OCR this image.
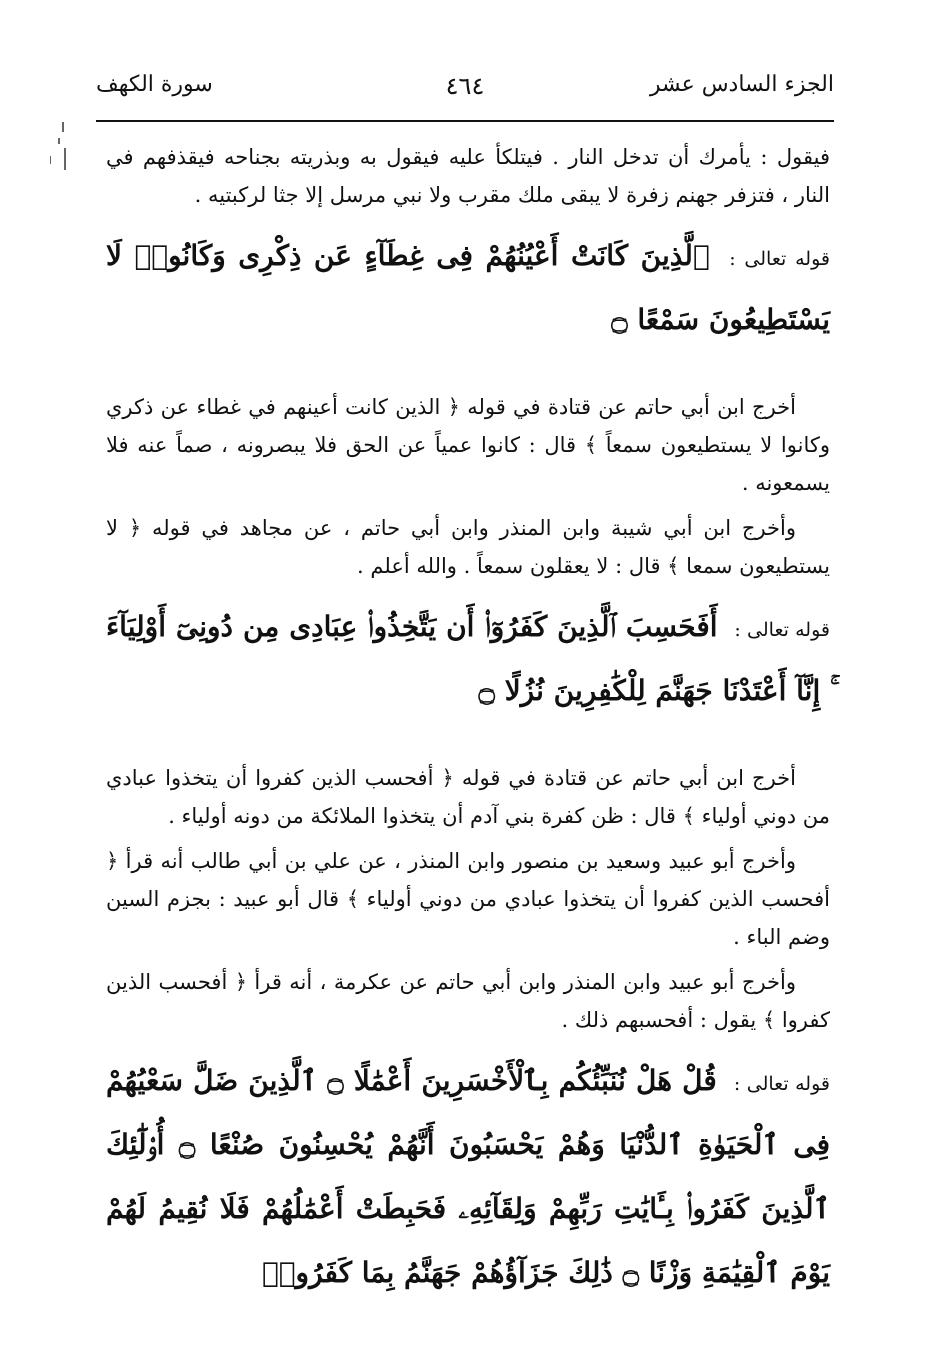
الجزء السادس عشر
٤٦٤
سورة الكهف

فيقول : يأمرك أن تدخل النار . فيتلكأ عليه فيقول به وبذريته بجناحه فيقذفهم في النار ، فتزفر جهنم زفرة لا يبقى ملك مقرب ولا نبي مرسل إلا جثا لركبتيه .

قوله تعالى : ٱلَّذِينَ كَانَتْ أَعْيُنُهُمْ فِى غِطَآءٍ عَن ذِكْرِى وَكَانُوا۟ لَا يَسْتَطِيعُونَ سَمْعًا ۝

أخرج ابن أبي حاتم عن قتادة في قوله ﴿ الذين كانت أعينهم في غطاء عن ذكري وكانوا لا يستطيعون سمعاً ﴾ قال : كانوا عمياً عن الحق فلا يبصرونه ، صماً عنه فلا يسمعونه .

وأخرج ابن أبي شيبة وابن المنذر وابن أبي حاتم ، عن مجاهد في قوله ﴿ لا يستطيعون سمعا ﴾ قال : لا يعقلون سمعاً . والله أعلم .

قوله تعالى : أَفَحَسِبَ ٱلَّذِينَ كَفَرُوٓا۟ أَن يَتَّخِذُوا۟ عِبَادِى مِن دُونِىٓ أَوْلِيَآءَ ۚ إِنَّآ أَعْتَدْنَا جَهَنَّمَ لِلْكَٰفِرِينَ نُزُلًا ۝

أخرج ابن أبي حاتم عن قتادة في قوله ﴿ أفحسب الذين كفروا أن يتخذوا عبادي من دوني أولياء ﴾ قال : ظن كفرة بني آدم أن يتخذوا الملائكة من دونه أولياء .

وأخرج أبو عبيد وسعيد بن منصور وابن المنذر ، عن علي بن أبي طالب أنه قرأ ﴿ أفحسب الذين كفروا أن يتخذوا عبادي من دوني أولياء ﴾ قال أبو عبيد : بجزم السين وضم الباء .

وأخرج أبو عبيد وابن المنذر وابن أبي حاتم عن عكرمة ، أنه قرأ ﴿ أفحسب الذين كفروا ﴾ يقول : أفحسبهم ذلك .

قوله تعالى : قُلْ هَلْ نُنَبِّئُكُم بِٱلْأَخْسَرِينَ أَعْمَٰلًا ۝ ٱلَّذِينَ ضَلَّ سَعْيُهُمْ فِى ٱلْحَيَوٰةِ ٱلدُّنْيَا وَهُمْ يَحْسَبُونَ أَنَّهُمْ يُحْسِنُونَ صُنْعًا ۝ أُو۟لَٰٓئِكَ ٱلَّذِينَ كَفَرُوا۟ بِـَٔايَٰتِ رَبِّهِمْ وَلِقَآئِهِۦ فَحَبِطَتْ أَعْمَٰلُهُمْ فَلَا نُقِيمُ لَهُمْ يَوْمَ ٱلْقِيَٰمَةِ وَزْنًا ۝ ذَٰلِكَ جَزَآؤُهُمْ جَهَنَّمُ بِمَا كَفَرُوا۟
